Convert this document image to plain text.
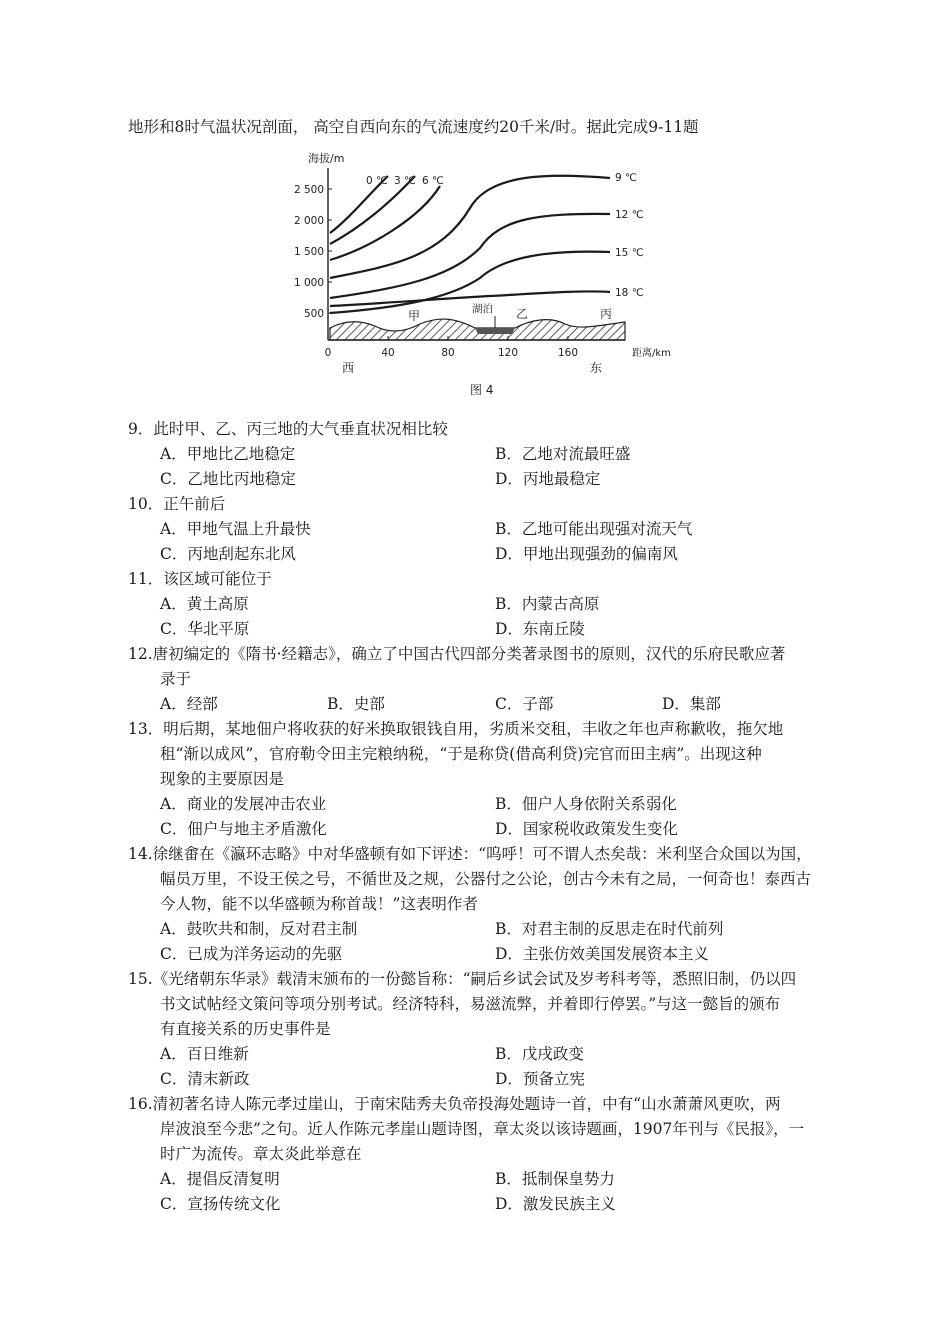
地形和8时气温状况剖面， 高空自西向东的气流速度约20千米/时。据此完成9-11题
海拔/m
2 500
2 000
1 500
1 000
500
0	40	80	120	160	距离/km
西	东
图 4
0 ℃ 3 ℃ 6 ℃	9 ℃
12 ℃
15 ℃
18 ℃
甲	乙	丙
湖泊
9．此时甲、乙、丙三地的大气垂直状况相比较
A．甲地比乙地稳定	B．乙地对流最旺盛
C．乙地比丙地稳定	D．丙地最稳定
10．正午前后
A．甲地气温上升最快	B．乙地可能出现强对流天气
C．丙地刮起东北风	D．甲地出现强劲的偏南风
11．该区域可能位于
A．黄土高原	B．内蒙古高原
C．华北平原	D．东南丘陵
12.唐初编定的《隋书·经籍志》，确立了中国古代四部分类著录图书的原则，汉代的乐府民歌应著
录于
A．经部	B．史部	C．子部	D．集部
13．明后期，某地佃户将收获的好米换取银钱自用，劣质米交租，丰收之年也声称歉收，拖欠地
租“渐以成风”，官府勒令田主完粮纳税，“于是称贷(借高利贷)完官而田主病”。出现这种
现象的主要原因是
A．商业的发展冲击农业	B．佃户人身依附关系弱化
C．佃户与地主矛盾激化	D．国家税收政策发生变化
14.徐继畬在《瀛环志略》中对华盛顿有如下评述：“呜呼！可不谓人杰矣哉：米利坚合众国以为国，
幅员万里，不设王侯之号，不循世及之规，公器付之公论，创古今未有之局，一何奇也！泰西古
今人物，能不以华盛顿为称首哉！”这表明作者
A．鼓吹共和制，反对君主制	B．对君主制的反思走在时代前列
C．已成为洋务运动的先驱	D．主张仿效美国发展资本主义
15.《光绪朝东华录》载清末颁布的一份懿旨称：“嗣后乡试会试及岁考科考等，悉照旧制，仍以四
书文试帖经文策问等项分别考试。经济特科，易滋流弊，并着即行停罢。”与这一懿旨的颁布
有直接关系的历史事件是
A．百日维新	B．戊戌政变
C．清末新政	D．预备立宪
16.清初著名诗人陈元孝过崖山，于南宋陆秀夫负帝投海处题诗一首，中有“山水萧萧风更吹，两
岸波浪至今悲”之句。近人作陈元孝崖山题诗图，章太炎以该诗题画，1907年刊与《民报》，一
时广为流传。章太炎此举意在
A．提倡反清复明	B．抵制保皇势力
C．宣扬传统文化	D．激发民族主义
